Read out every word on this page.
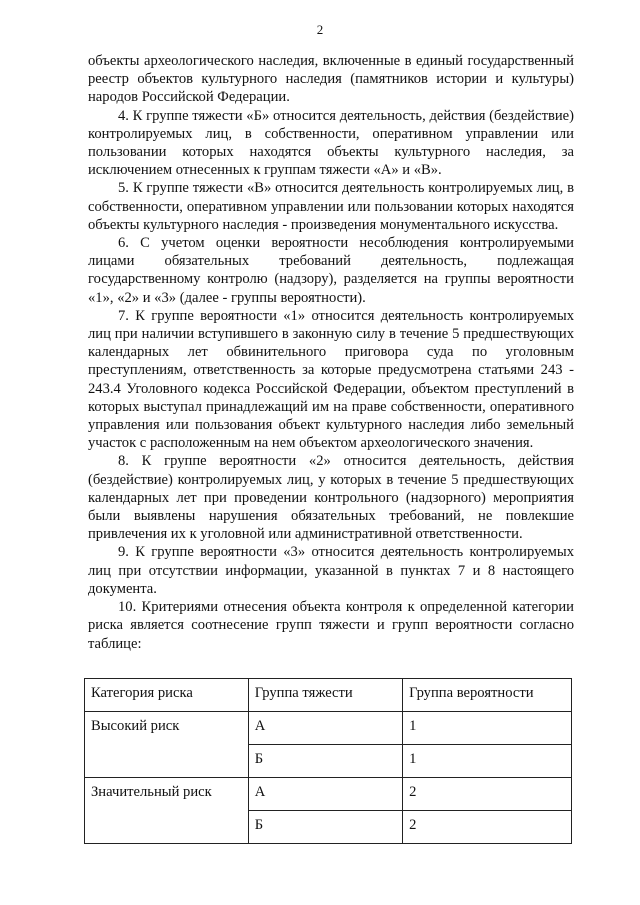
2

объекты археологического наследия, включенные в единый государственный реестр объектов культурного наследия (памятников истории и культуры) народов Российской Федерации.

4. К группе тяжести «Б» относится деятельность, действия (бездействие) контролируемых лиц, в собственности, оперативном управлении или пользовании которых находятся объекты культурного наследия, за исключением отнесенных к группам тяжести «А» и «В».

5. К группе тяжести «В» относится деятельность контролируемых лиц, в собственности, оперативном управлении или пользовании которых находятся объекты культурного наследия - произведения монументального искусства.

6. С учетом оценки вероятности несоблюдения контролируемыми лицами обязательных требований деятельность, подлежащая государственному контролю (надзору), разделяется на группы вероятности «1», «2» и «3» (далее - группы вероятности).

7. К группе вероятности «1» относится деятельность контролируемых лиц при наличии вступившего в законную силу в течение 5 предшествующих календарных лет обвинительного приговора суда по уголовным преступлениям, ответственность за которые предусмотрена статьями 243 - 243.4 Уголовного кодекса Российской Федерации, объектом преступлений в которых выступал принадлежащий им на праве собственности, оперативного управления или пользования объект культурного наследия либо земельный участок с расположенным на нем объектом археологического значения.

8. К группе вероятности «2» относится деятельность, действия (бездействие) контролируемых лиц, у которых в течение 5 предшествующих календарных лет при проведении контрольного (надзорного) мероприятия были выявлены нарушения обязательных требований, не повлекшие привлечения их к уголовной или административной ответственности.

9. К группе вероятности «3» относится деятельность контролируемых лиц при отсутствии информации, указанной в пунктах 7 и 8 настоящего документа.

10. Критериями отнесения объекта контроля к определенной категории риска является соотнесение групп тяжести и групп вероятности согласно таблице:

Категория риска	Группа тяжести	Группа вероятности
Высокий риск	А	1
	Б	1
Значительный риск	А	2
	Б	2
